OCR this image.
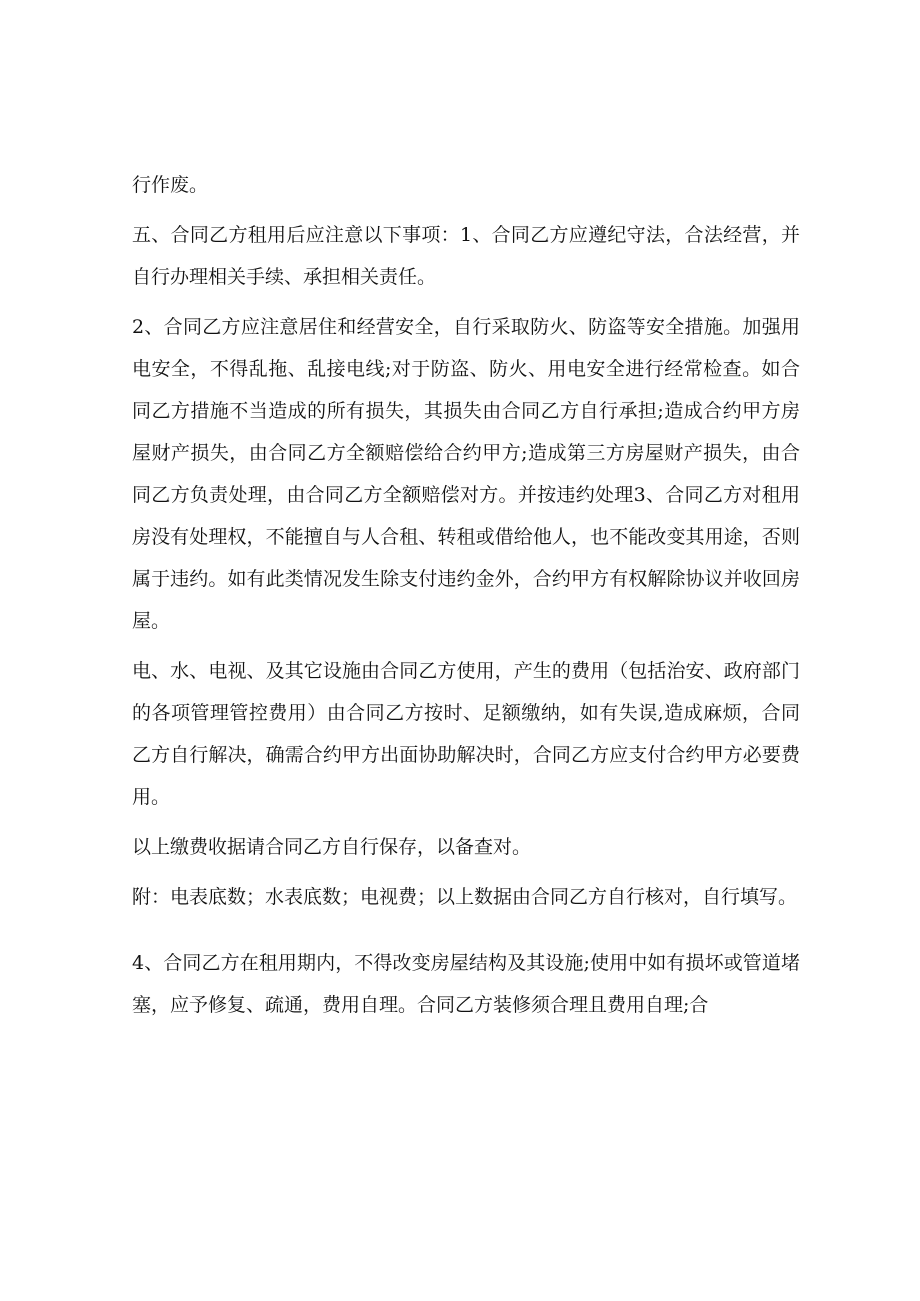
行作废。

五、合同乙方租用后应注意以下事项：1、合同乙方应遵纪守法，合法经营，并自行办理相关手续、承担相关责任。

2、合同乙方应注意居住和经营安全，自行采取防火、防盗等安全措施。加强用电安全，不得乱拖、乱接电线;对于防盗、防火、用电安全进行经常检查。如合同乙方措施不当造成的所有损失，其损失由合同乙方自行承担;造成合约甲方房屋财产损失，由合同乙方全额赔偿给合约甲方;造成第三方房屋财产损失，由合同乙方负责处理，由合同乙方全额赔偿对方。并按违约处理3、合同乙方对租用房没有处理权，不能擅自与人合租、转租或借给他人，也不能改变其用途，否则属于违约。如有此类情况发生除支付违约金外，合约甲方有权解除协议并收回房屋。

电、水、电视、及其它设施由合同乙方使用，产生的费用（包括治安、政府部门的各项管理管控费用）由合同乙方按时、足额缴纳，如有失误,造成麻烦，合同乙方自行解决，确需合约甲方出面协助解决时，合同乙方应支付合约甲方必要费用。

以上缴费收据请合同乙方自行保存，以备查对。

附：电表底数；水表底数；电视费；以上数据由合同乙方自行核对，自行填写。

4、合同乙方在租用期内，不得改变房屋结构及其设施;使用中如有损坏或管道堵塞，应予修复、疏通，费用自理。合同乙方装修须合理且费用自理;合
